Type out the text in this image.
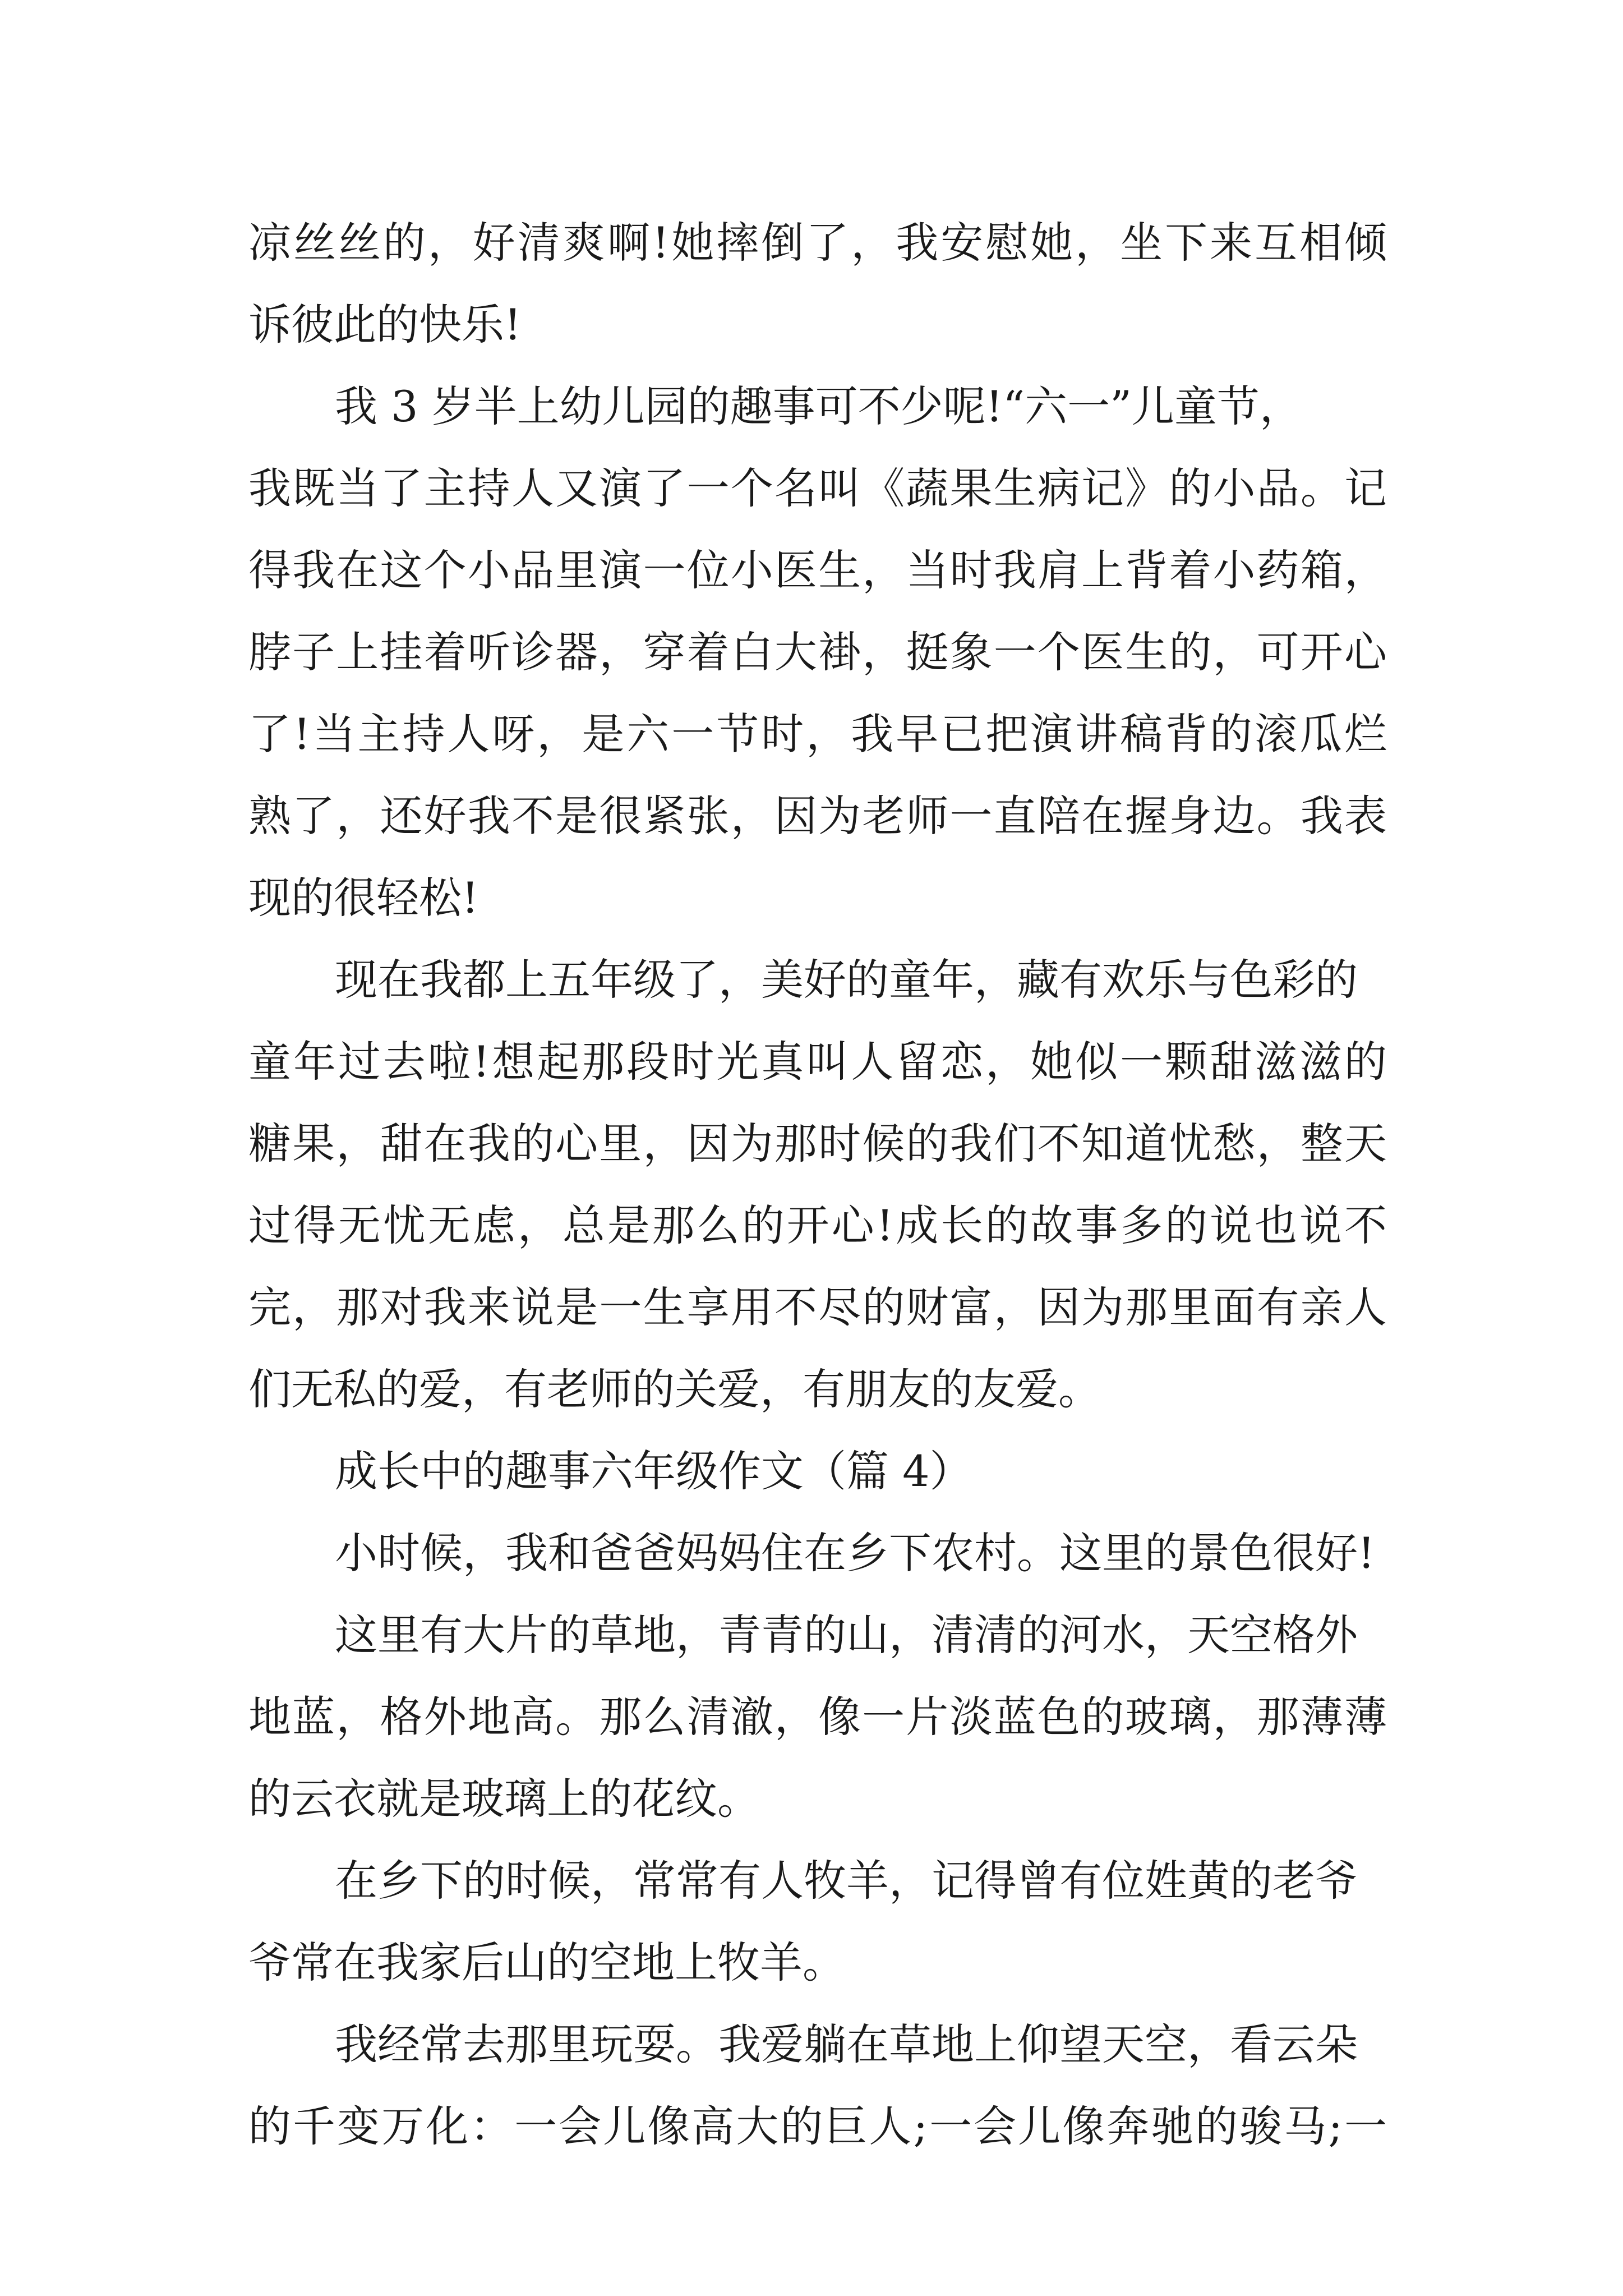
凉丝丝的，好清爽啊!她摔倒了，我安慰她，坐下来互相倾
诉彼此的快乐!
我 3 岁半上幼儿园的趣事可不少呢!“六一”儿童节，
我既当了主持人又演了一个名叫《蔬果生病记》的小品。记
得我在这个小品里演一位小医生，当时我肩上背着小药箱，
脖子上挂着听诊器，穿着白大褂，挺象一个医生的，可开心
了!当主持人呀，是六一节时，我早已把演讲稿背的滚瓜烂
熟了，还好我不是很紧张，因为老师一直陪在握身边。我表
现的很轻松!
现在我都上五年级了，美好的童年，藏有欢乐与色彩的
童年过去啦!想起那段时光真叫人留恋，她似一颗甜滋滋的
糖果，甜在我的心里，因为那时候的我们不知道忧愁，整天
过得无忧无虑，总是那么的开心!成长的故事多的说也说不
完，那对我来说是一生享用不尽的财富，因为那里面有亲人
们无私的爱，有老师的关爱，有朋友的友爱。
成长中的趣事六年级作文（篇 4）
小时候，我和爸爸妈妈住在乡下农村。这里的景色很好!
这里有大片的草地，青青的山，清清的河水，天空格外
地蓝，格外地高。那么清澈，像一片淡蓝色的玻璃，那薄薄
的云衣就是玻璃上的花纹。
在乡下的时候，常常有人牧羊，记得曾有位姓黄的老爷
爷常在我家后山的空地上牧羊。
我经常去那里玩耍。我爱躺在草地上仰望天空，看云朵
的千变万化：一会儿像高大的巨人;一会儿像奔驰的骏马;一
